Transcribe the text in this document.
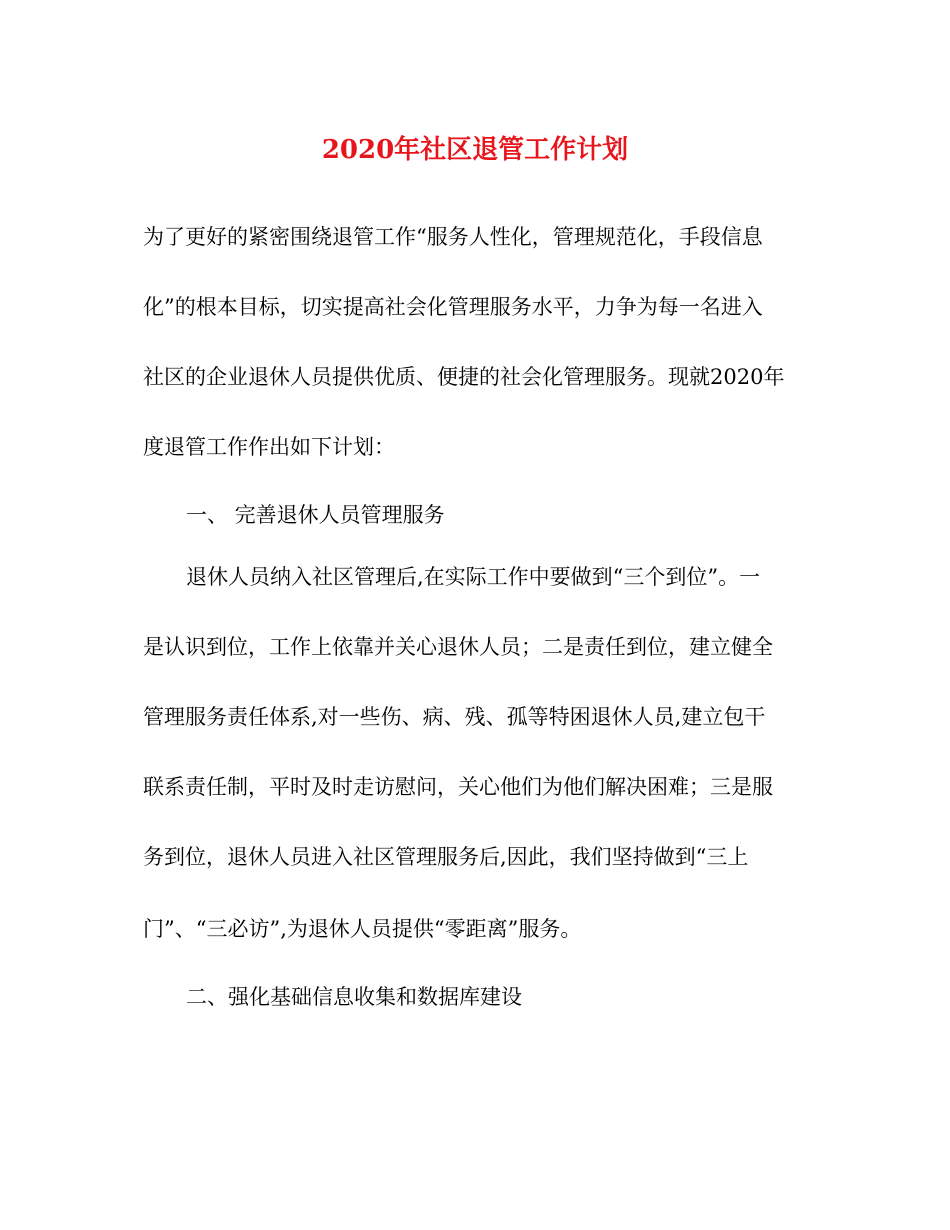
2020年社区退管工作计划
为了更好的紧密围绕退管工作“服务人性化，管理规范化，手段信息
化”的根本目标，切实提高社会化管理服务水平，力争为每一名进入
社区的企业退休人员提供优质、便捷的社会化管理服务。现就2020年
度退管工作作出如下计划：
一、 完善退休人员管理服务
退休人员纳入社区管理后,在实际工作中要做到“三个到位”。一
是认识到位，工作上依靠并关心退休人员；二是责任到位，建立健全
管理服务责任体系,对一些伤、病、残、孤等特困退休人员,建立包干
联系责任制，平时及时走访慰问，关心他们为他们解决困难；三是服
务到位，退休人员进入社区管理服务后,因此，我们坚持做到“三上
门”、“三必访”,为退休人员提供“零距离”服务。
二、强化基础信息收集和数据库建设
